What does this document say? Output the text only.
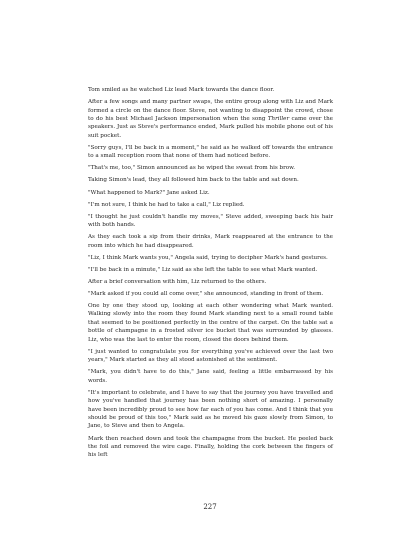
Tom smiled as he watched Liz lead Mark towards the dance floor.

After a few songs and many partner swaps, the entire group along with Liz and Mark formed a circle on the dance floor. Steve, not wanting to disappoint the crowd, chose to do his best Michael Jackson impersonation when the song Thriller came over the speakers. Just as Steve's performance ended, Mark pulled his mobile phone out of his suit pocket.

"Sorry guys, I'll be back in a moment," he said as he walked off towards the entrance to a small reception room that none of them had noticed before.

"That's me, too," Simon announced as he wiped the sweat from his brow.

Taking Simon's lead, they all followed him back to the table and sat down.

"What happened to Mark?" Jane asked Liz.

"I'm not sure, I think he had to take a call," Liz replied.

"I thought he just couldn't handle my moves," Steve added, sweeping back his hair with both hands.

As they each took a sip from their drinks, Mark reappeared at the entrance to the room into which he had disappeared.

"Liz, I think Mark wants you," Angela said, trying to decipher Mark's hand gestures.

"I'll be back in a minute," Liz said as she left the table to see what Mark wanted.

After a brief conversation with him, Liz returned to the others.

"Mark asked if you could all come over," she announced, standing in front of them.

One by one they stood up, looking at each other wondering what Mark wanted. Walking slowly into the room they found Mark standing next to a small round table that seemed to be positioned perfectly in the centre of the carpet. On the table sat a bottle of champagne in a frosted silver ice bucket that was surrounded by glasses. Liz, who was the last to enter the room, closed the doors behind them.

"I just wanted to congratulate you for everything you've achieved over the last two years," Mark started as they all stood astonished at the sentiment.

"Mark, you didn't have to do this," Jane said, feeling a little embarrassed by his words.

"It's important to celebrate, and I have to say that the journey you have travelled and how you've handled that journey has been nothing short of amazing. I personally have been incredibly proud to see how far each of you has come. And I think that you should be proud of this too," Mark said as he moved his gaze slowly from Simon, to Jane, to Steve and then to Angela.

Mark then reached down and took the champagne from the bucket. He peeled back the foil and removed the wire cage. Finally, holding the cork between the fingers of his left

227
